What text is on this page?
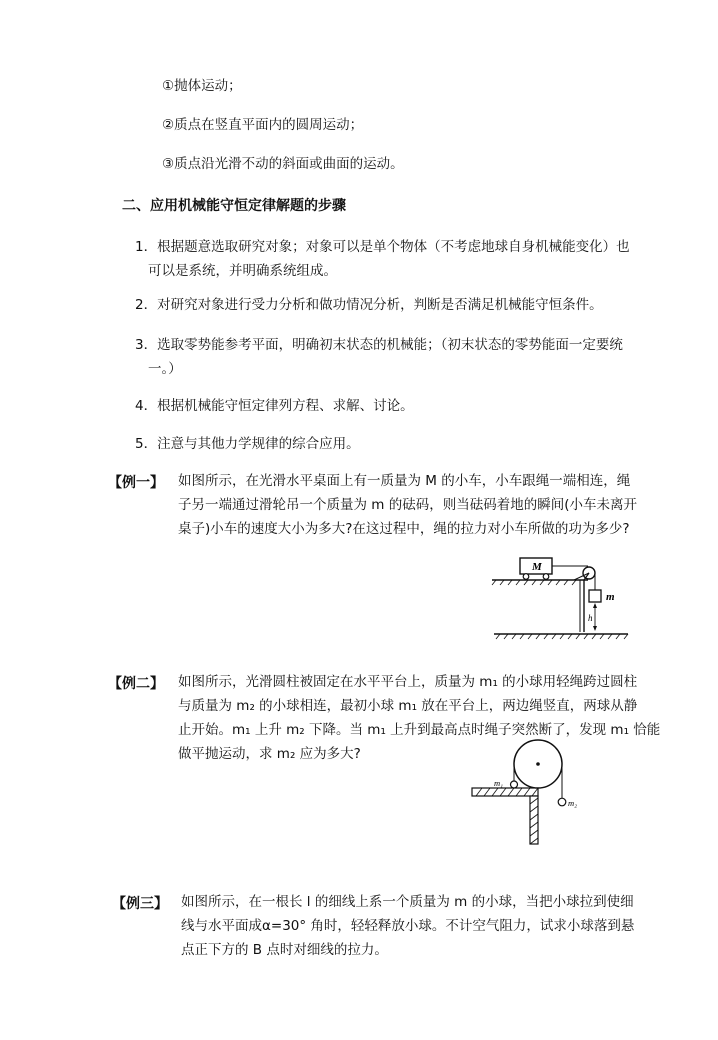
①抛体运动；
②质点在竖直平面内的圆周运动；
③质点沿光滑不动的斜面或曲面的运动。
二、应用机械能守恒定律解题的步骤
1．根据题意选取研究对象；对象可以是单个物体（不考虑地球自身机械能变化）也
可以是系统，并明确系统组成。
2．对研究对象进行受力分析和做功情况分析，判断是否满足机械能守恒条件。
3．选取零势能参考平面，明确初末状态的机械能；（初末状态的零势能面一定要统
一。）
4．根据机械能守恒定律列方程、求解、讨论。
5．注意与其他力学规律的综合应用。
【例一】 如图所示，在光滑水平桌面上有一质量为 M 的小车，小车跟绳一端相连，绳
子另一端通过滑轮吊一个质量为 m 的砝码，则当砝码着地的瞬间(小车未离开
桌子)小车的速度大小为多大?在这过程中，绳的拉力对小车所做的功为多少?
M
m
h
【例二】 如图所示，光滑圆柱被固定在水平平台上，质量为 m₁ 的小球用轻绳跨过圆柱
与质量为 m₂ 的小球相连，最初小球 m₁ 放在平台上，两边绳竖直，两球从静
止开始。m₁ 上升 m₂ 下降。当 m₁ 上升到最高点时绳子突然断了，发现 m₁ 恰能
做平抛运动，求 m₂ 应为多大?
m₁
m₂
【例三】 如图所示，在一根长 l 的细线上系一个质量为 m 的小球，当把小球拉到使细
线与水平面成α=30° 角时，轻轻释放小球。不计空气阻力，试求小球落到悬
点正下方的 B 点时对细线的拉力。
